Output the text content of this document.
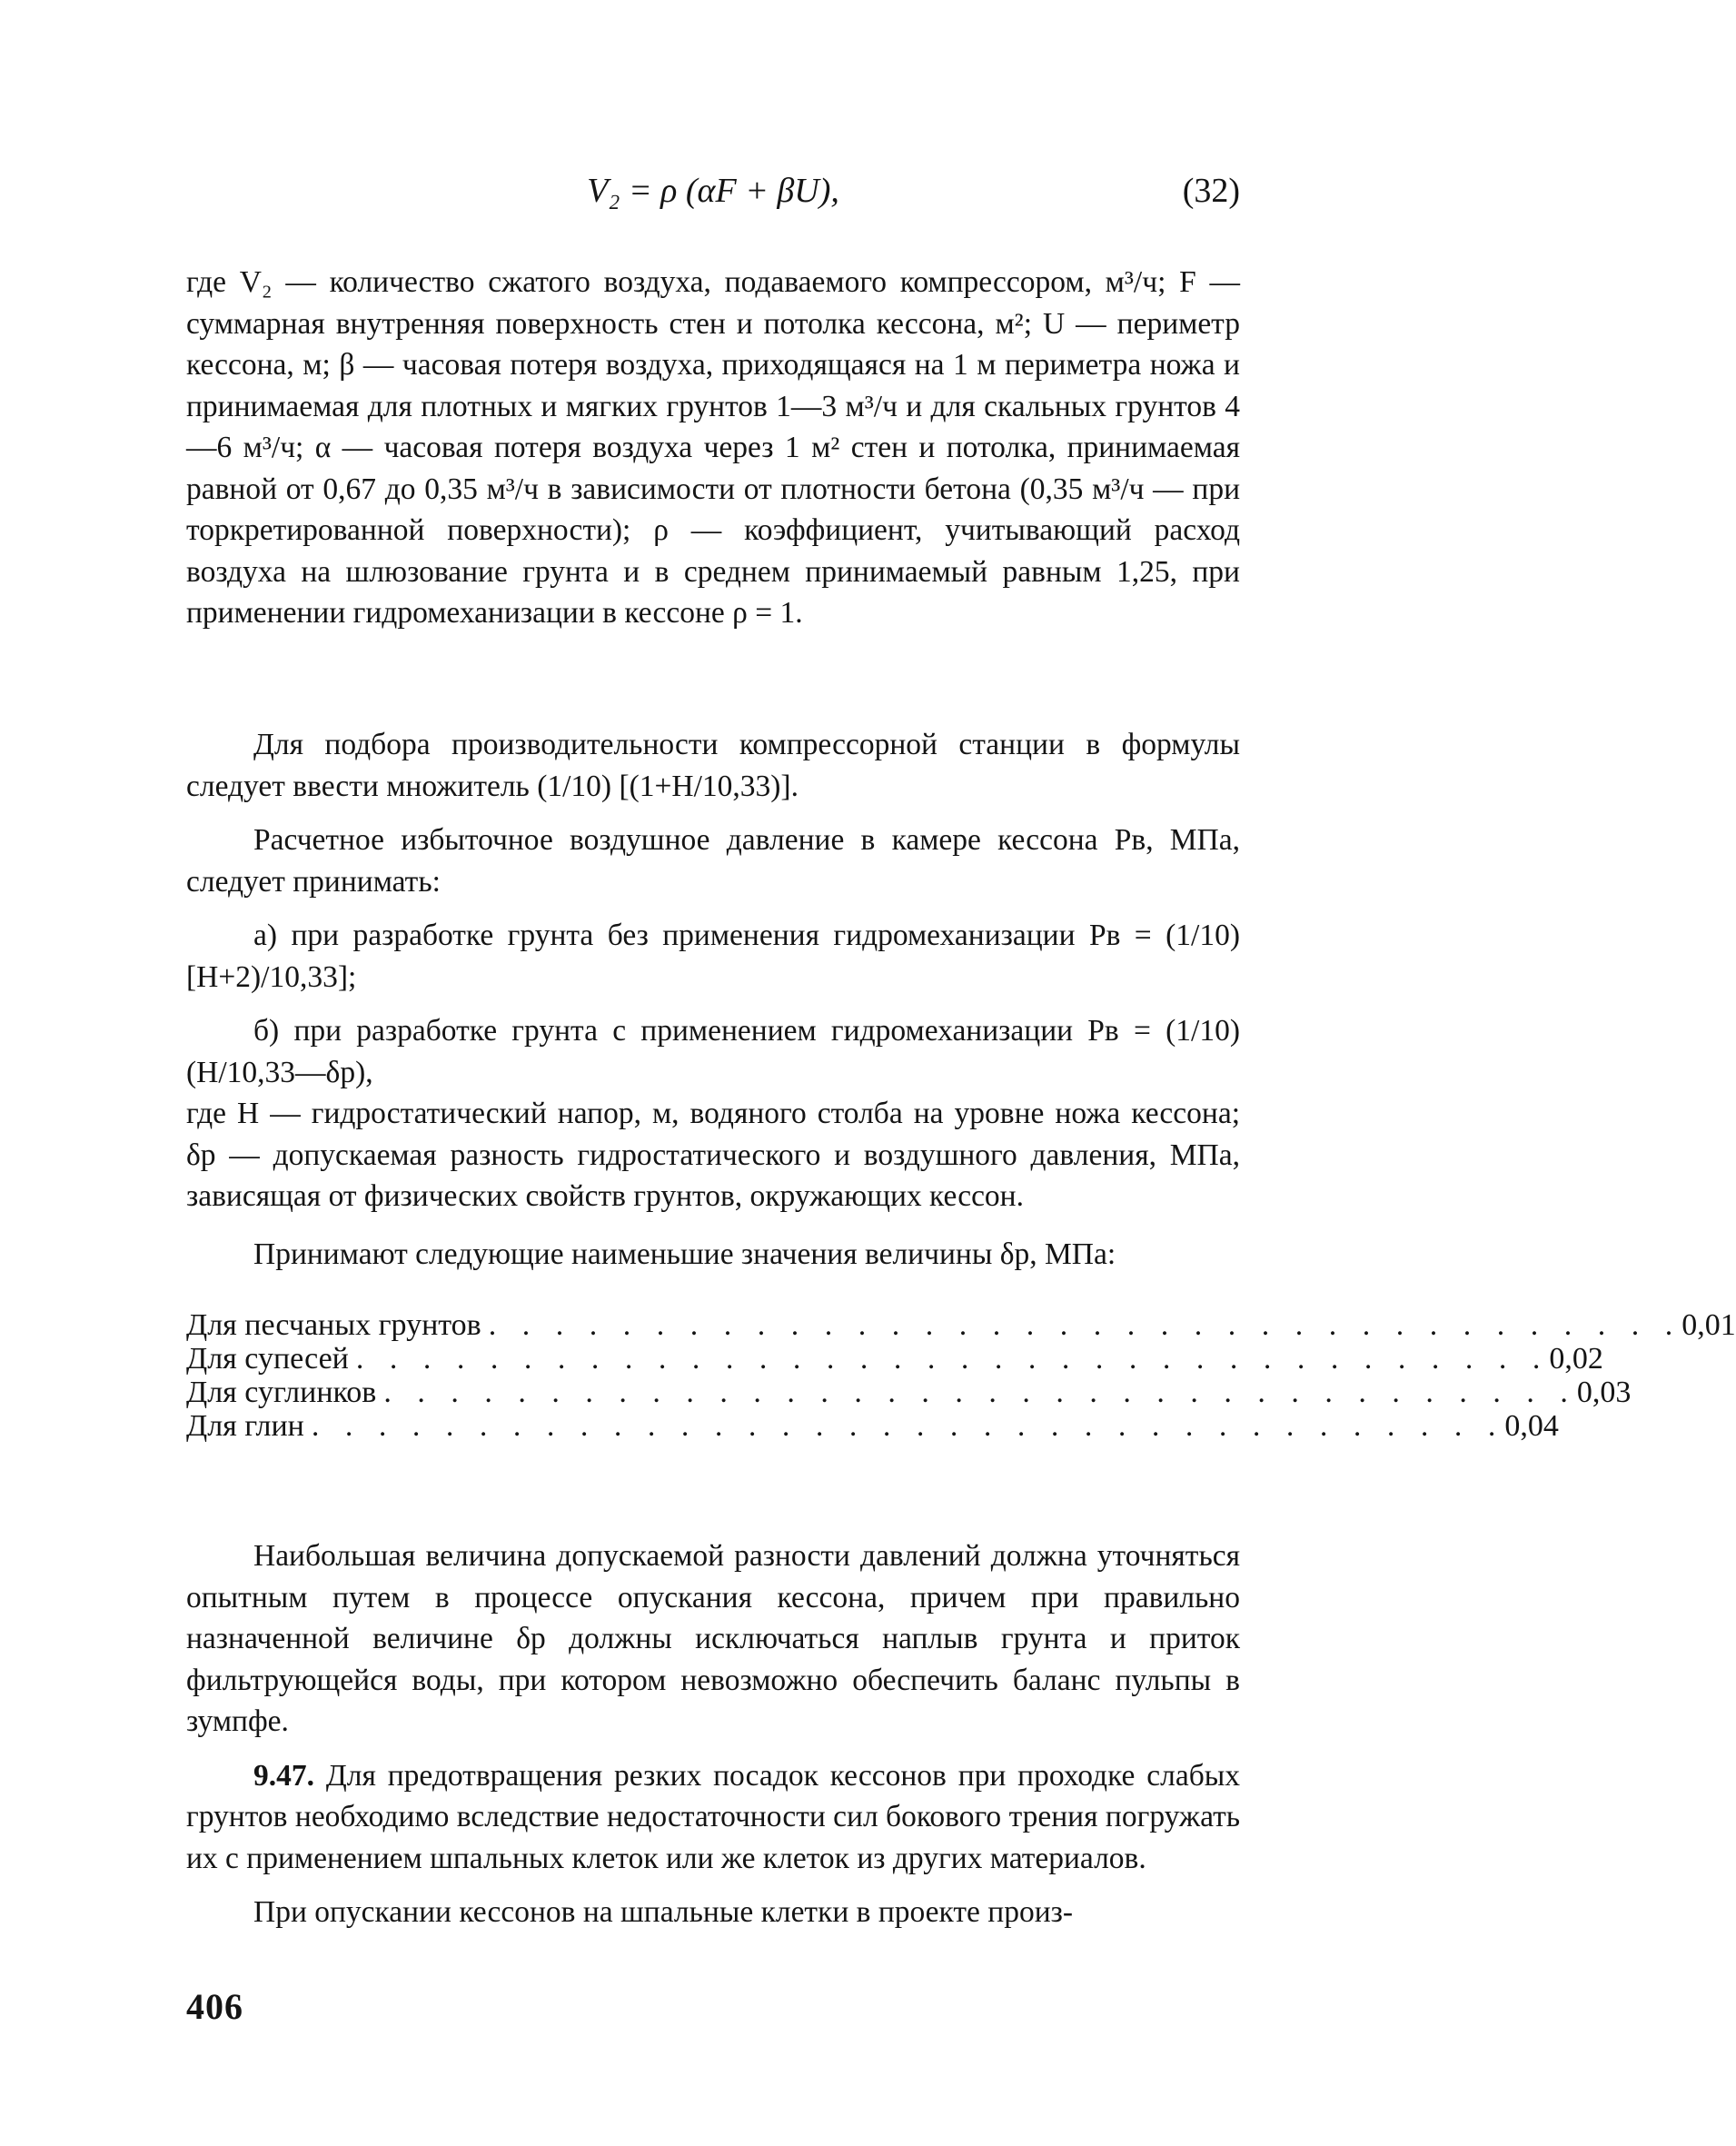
V₂ = ρ (αF + βU),	(32)

где V₂ — количество сжатого воздуха, подаваемого компрессором, м³/ч; F — суммарная внутренняя поверхность стен и потолка кессона, м²; U — периметр кессона, м; β — часовая потеря воздуха, приходящаяся на 1 м периметра ножа и принимаемая для плотных и мягких грунтов 1—3 м³/ч и для скальных грунтов 4—6 м³/ч; α — часовая потеря воздуха через 1 м² стен и потолка, принимаемая равной от 0,67 до 0,35 м³/ч в зависимости от плотности бетона (0,35 м³/ч — при торкретированной поверхности); ρ — коэффициент, учитывающий расход воздуха на шлюзование грунта и в среднем принимаемый равным 1,25, при применении гидромеханизации в кессоне ρ = 1.

Для подбора производительности компрессорной станции в формулы следует ввести множитель (1/10) [(1+H/10,33)].

Расчетное избыточное воздушное давление в камере кессона Pв, МПа, следует принимать:

а) при разработке грунта без применения гидромеханизации Pв = (1/10) [H+2)/10,33];

б) при разработке грунта с применением гидромеханизации Pв = (1/10) (H/10,33—δр),

где H — гидростатический напор, м, водяного столба на уровне ножа кессона; δр — допускаемая разность гидростатического и воздушного давления, МПа, зависящая от физических свойств грунтов, окружающих кессон.

Принимают следующие наименьшие значения величины δр, МПа:

Для песчаных грунтов . . . . . . . . . . . . . . . . . . . . . . . . . . . . . . . . . . . . 0,01
Для супесей . . . . . . . . . . . . . . . . . . . . . . . . . . . . . . . . . . . . 0,02
Для суглинков . . . . . . . . . . . . . . . . . . . . . . . . . . . . . . . . . . . . 0,03
Для глин . . . . . . . . . . . . . . . . . . . . . . . . . . . . . . . . . . . . 0,04

Наибольшая величина допускаемой разности давлений должна уточняться опытным путем в процессе опускания кессона, причем при правильно назначенной величине δр должны исключаться наплыв грунта и приток фильтрующейся воды, при котором невозможно обеспечить баланс пульпы в зумпфе.

9.47. Для предотвращения резких посадок кессонов при проходке слабых грунтов необходимо вследствие недостаточности сил бокового трения погружать их с применением шпальных клеток или же клеток из других материалов.

При опускании кессонов на шпальные клетки в проекте произ-

406
